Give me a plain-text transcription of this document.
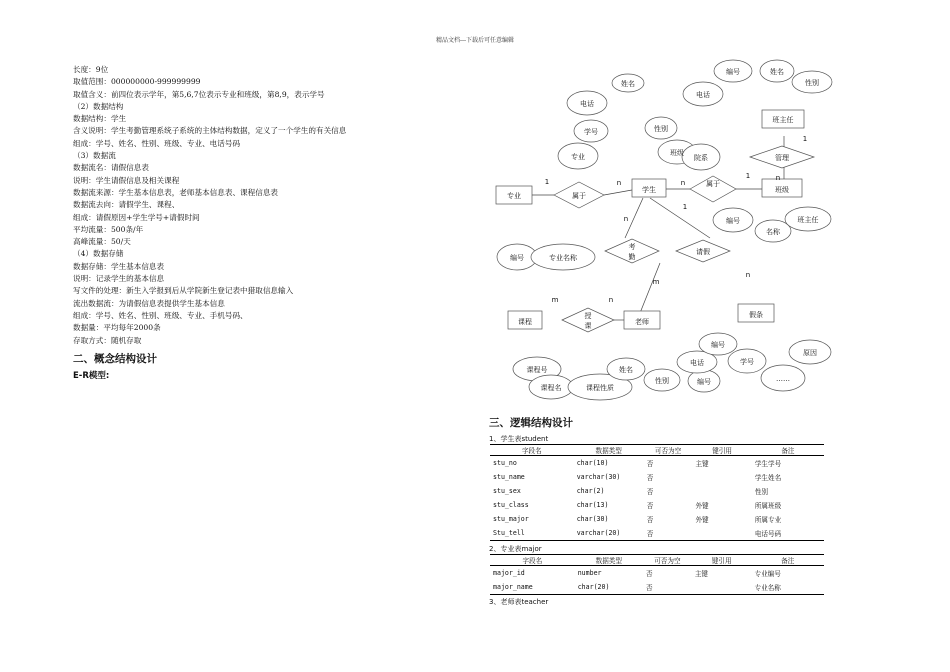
精品文档---下载后可任意编辑
长度：9位
取值范围：000000000-999999999
取值含义：前四位表示学年，第5,6,7位表示专业和班级，第8,9，表示学号
（2）数据结构
数据结构：学生
含义说明：学生考勤管理系统子系统的主体结构数据，定义了一个学生的有关信息
组成：学号、姓名、性别、班级、专业、电话号码
（3）数据流
数据流名：请假信息表
说明：学生请假信息及相关课程
数据流来源：学生基本信息表，老师基本信息表、课程信息表
数据流去向：请假学生、课程、
组成：请假原因+学生学号+请假时间
平均流量：500条/年
高峰流量：50/天
（4）数据存储
数据存储：学生基本信息表
说明：记录学生的基本信息
写文件的处理：新生入学报到后从学院新生登记表中猎取信息输入
流出数据流：为请假信息表提供学生基本信息
组成：学号、姓名、性别、班级、专业、手机号码、
数据量：平均每年2000条
存取方式：随机存取
二、概念结构设计
E-R模型:
专业
学生	班级
班主任
课程	老师
假条
属于
属于
管理
考
勤
请假
授
课
姓名
电话
学号	性别
专业	班级
院系
编号	姓名
性别
电话
编号	专业名称
编号
名称
班主任
课程号
课程名	课程性质
姓名
性别	编号
电话
编号
学号
原因
……
1	n	n
1
1	n
1
n
m
m	n
n
三、逻辑结构设计
1、学生表student
字段名	数据类型	可否为空	键引用	备注
stu_no	char(10)	否	主键	学生学号
stu_name	varchar(30)	否		学生姓名
stu_sex	char(2)	否		性别
stu_class	char(13)	否	外键	所属班级
stu_major	char(30)	否	外键	所属专业
Stu_tell	varchar(20)	否		电话号码
2、专业表major
字段名	数据类型	可否为空	键引用	备注
major_id	number	否	主键	专业编号
major_name	char(20)	否		专业名称
3、老师表teacher
